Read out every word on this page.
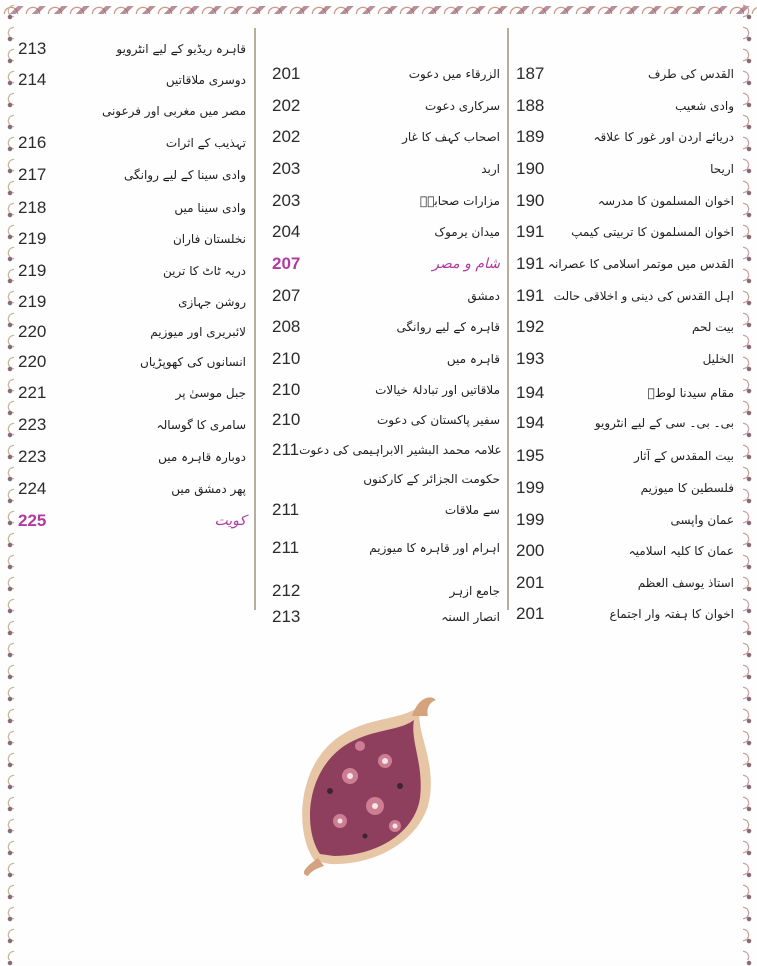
187	القدس کی طرف
188	وادی شعیب
189	دریائے اردن اور غور کا علاقہ
190	اریحا
190	اخوان المسلمون کا مدرسہ
191 اخوان المسلمون کا تربیتی کیمپ
191 القدس میں موتمر اسلامی کا عصرانہ
191 اہل القدس کی دینی و اخلاقی حالت
192	بیت لحم
193	الخلیل
194	مقام سیدنا لوطؑ
194	بی۔ بی۔ سی کے لیے انٹرویو
195	بیت المقدس کے آثار
199	فلسطین کا میوزیم
199	عمان واپسی
200	عمان کا کلیہ اسلامیہ
201	استاذ یوسف العظم
201	اخوان کا ہفتہ وار اجتماع
201	الزرقاء میں دعوت
202	سرکاری دعوت
202	اصحاب کہف کا غار
203	اربد
203	مزارات صحابہؓ
204	میدان یرموک
207	شام و مصر
207	دمشق
208	قاہرہ کے لیے روانگی
210	قاہرہ میں
210	ملاقاتیں اور تبادلۂ خیالات
210	سفیر پاکستان کی دعوت
211 علامہ محمد البشیر الابراہیمی کی دعوت
حکومت الجزائر کے کارکنوں
211	سے ملاقات
211	اہرام اور قاہرہ کا میوزیم
212	جامع ازہر
213	انصار السنہ
213	قاہرہ ریڈیو کے لیے انٹرویو
214	دوسری ملاقاتیں
مصر میں مغربی اور فرعونی
216	تہذیب کے اثرات
217	وادی سینا کے لیے روانگی
218	وادی سینا میں
219	نخلستان فاران
219	دریہ ٹاٹ کا ترین
219	روشن جہازی
220	لائبریری اور میوزیم
220	انسانوں کی کھوپڑیاں
221	جبل موسیٰ پر
223	سامری کا گوسالہ
223	دوبارہ قاہرہ میں
224	پھر دمشق میں
225	کویت
